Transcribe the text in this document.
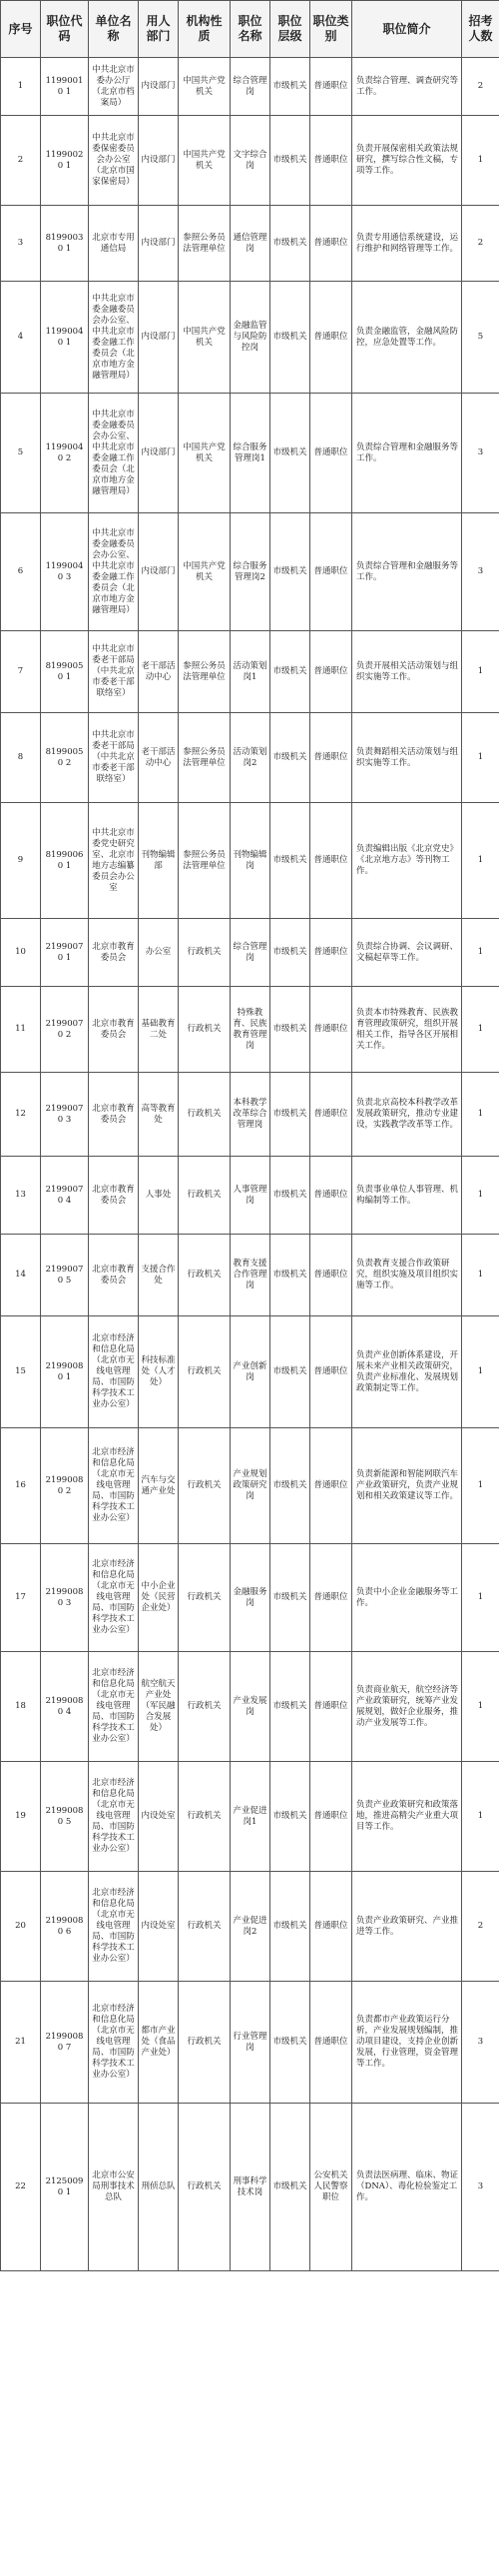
序号	职位代码	单位名称	用人部门	机构性质	职位名称	职位层级	职位类别	职位简介	招考人数
1	11990010 1	中共北京市委办公厅（北京市档案局）	内设部门	中国共产党机关	综合管理岗	市级机关	普通职位	负责综合管理、调查研究等工作。	2
2	11990020 1	中共北京市委保密委员会办公室（北京市国家保密局）	内设部门	中国共产党机关	文字综合岗	市级机关	普通职位	负责开展保密相关政策法规研究，撰写综合性文稿，专项等工作。	1
3	81990030 1	北京市专用通信局	内设部门	参照公务员法管理单位	通信管理岗	市级机关	普通职位	负责专用通信系统建设，运行维护和网络管理等工作。	2
4	11990040 1	中共北京市委金融委员会办公室、中共北京市委金融工作委员会（北京市地方金融管理局）	内设部门	中国共产党机关	金融监管与风险防控岗	市级机关	普通职位	负责金融监管，金融风险防控，应急处置等工作。	5
5	11990040 2	中共北京市委金融委员会办公室、中共北京市委金融工作委员会（北京市地方金融管理局）	内设部门	中国共产党机关	综合服务管理岗1	市级机关	普通职位	负责综合管理和金融服务等工作。	3
6	11990040 3	中共北京市委金融委员会办公室、中共北京市委金融工作委员会（北京市地方金融管理局）	内设部门	中国共产党机关	综合服务管理岗2	市级机关	普通职位	负责综合管理和金融服务等工作。	3
7	81990050 1	中共北京市委老干部局（中共北京市委老干部联络室）	老干部活动中心	参照公务员法管理单位	活动策划岗1	市级机关	普通职位	负责开展相关活动策划与组织实施等工作。	1
8	81990050 2	中共北京市委老干部局（中共北京市委老干部联络室）	老干部活动中心	参照公务员法管理单位	活动策划岗2	市级机关	普通职位	负责舞蹈相关活动策划与组织实施等工作。	1
9	81990060 1	中共北京市委党史研究室、北京市地方志编纂委员会办公室	刊物编辑部	参照公务员法管理单位	刊物编辑岗	市级机关	普通职位	负责编辑出版《北京党史》《北京地方志》等刊物工作。	1
10	21990070 1	北京市教育委员会	办公室	行政机关	综合管理岗	市级机关	普通职位	负责综合协调、会议调研、文稿起草等工作。	1
11	21990070 2	北京市教育委员会	基础教育二处	行政机关	特殊教育、民族教育管理岗	市级机关	普通职位	负责本市特殊教育、民族教育管理政策研究，组织开展相关工作，指导各区开展相关工作。	1
12	21990070 3	北京市教育委员会	高等教育处	行政机关	本科教学改革综合管理岗	市级机关	普通职位	负责北京高校本科教学改革发展政策研究，推动专业建设，实践教学改革等工作。	1
13	21990070 4	北京市教育委员会	人事处	行政机关	人事管理岗	市级机关	普通职位	负责事业单位人事管理、机构编制等工作。	1
14	21990070 5	北京市教育委员会	支援合作处	行政机关	教育支援合作管理岗	市级机关	普通职位	负责教育支援合作政策研究，组织实施及项目组织实施等工作。	1
15	21990080 1	北京市经济和信息化局（北京市无线电管理局、市国防科学技术工业办公室）	科技标准处（人才处）	行政机关	产业创新岗	市级机关	普通职位	负责产业创新体系建设，开展未来产业相关政策研究，负责产业标准化、发展规划政策制定等工作。	1
16	21990080 2	北京市经济和信息化局（北京市无线电管理局、市国防科学技术工业办公室）	汽车与交通产业处	行政机关	产业规划政策研究岗	市级机关	普通职位	负责新能源和智能网联汽车产业政策研究，负责产业规划和相关政策建议等工作。	1
17	21990080 3	北京市经济和信息化局（北京市无线电管理局、市国防科学技术工业办公室）	中小企业处（民营企业处）	行政机关	金融服务岗	市级机关	普通职位	负责中小企业金融服务等工作。	1
18	21990080 4	北京市经济和信息化局（北京市无线电管理局、市国防科学技术工业办公室）	航空航天产业处（军民融合发展处）	行政机关	产业发展岗	市级机关	普通职位	负责商业航天，航空经济等产业政策研究，统筹产业发展规划，做好企业服务，推动产业发展等工作。	1
19	21990080 5	北京市经济和信息化局（北京市无线电管理局、市国防科学技术工业办公室）	内设处室	行政机关	产业促进岗1	市级机关	普通职位	负责产业政策研究和政策落地，推进高精尖产业重大项目等工作。	1
20	21990080 6	北京市经济和信息化局（北京市无线电管理局、市国防科学技术工业办公室）	内设处室	行政机关	产业促进岗2	市级机关	普通职位	负责产业政策研究、产业推进等工作。	2
21	21990080 7	北京市经济和信息化局（北京市无线电管理局、市国防科学技术工业办公室）	都市产业处（食品产业处）	行政机关	行业管理岗	市级机关	普通职位	负责都市产业政策运行分析，产业发展规划编制，推动项目建设，支持企业创新发展，行业管理，资金管理等工作。	3
22	21250090 1	北京市公安局刑事技术总队	刑侦总队	行政机关	刑事科学技术岗	市级机关	公安机关人民警察职位	负责法医病理、临床、物证（DNA）、毒化检验鉴定工作。	3
